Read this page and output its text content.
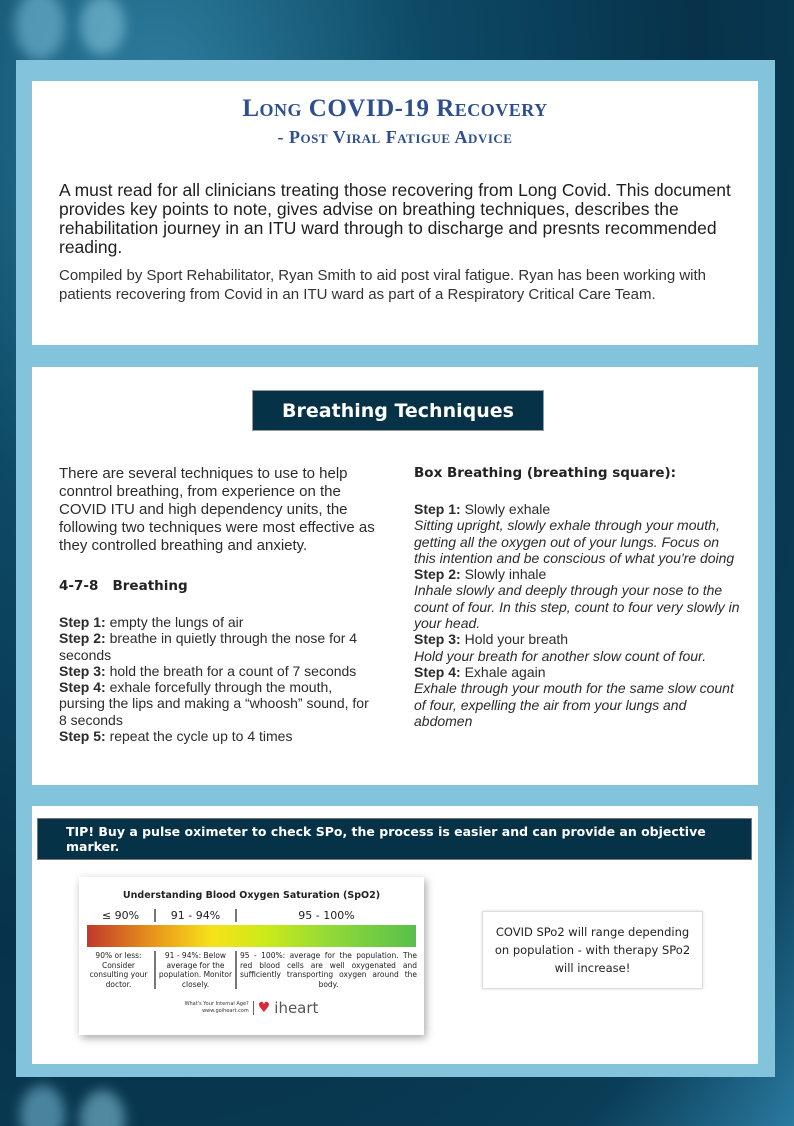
Long COVID-19 Recovery
- Post Viral Fatigue Advice

A must read for all clinicians treating those recovering from Long Covid. This document provides key points to note, gives advise on breathing techniques, describes the rehabilitation journey in an ITU ward through to discharge and presnts recommended reading.

Compiled by Sport Rehabilitator, Ryan Smith to aid post viral fatigue. Ryan has been working with patients recovering from Covid in an ITU ward as part of a Respiratory Critical Care Team.

Breathing Techniques

There are several techniques to use to help conntrol breathing, from experience on the COVID ITU and high dependency units, the following two techniques were most effective as they controlled breathing and anxiety.

4-7-8   Breathing

Step 1: empty the lungs of air
Step 2: breathe in quietly through the nose for 4 seconds
Step 3: hold the breath for a count of 7 seconds
Step 4: exhale forcefully through the mouth, pursing the lips and making a “whoosh” sound, for 8 seconds
Step 5: repeat the cycle up to 4 times

Box Breathing (breathing square):

Step 1: Slowly exhale
Sitting upright, slowly exhale through your mouth, getting all the oxygen out of your lungs. Focus on this intention and be conscious of what you're doing
Step 2: Slowly inhale
Inhale slowly and deeply through your nose to the count of four. In this step, count to four very slowly in your head.
Step 3: Hold your breath
Hold your breath for another slow count of four.
Step 4: Exhale again
Exhale through your mouth for the same slow count of four, expelling the air from your lungs and abdomen
TIP! Buy a pulse oximeter to check SPo, the process is easier and can provide an objective marker.
Understanding Blood Oxygen Saturation (SpO2)
≤ 90%	91 - 94%	95 - 100%
90% or less: Consider consulting your doctor.
91 - 94%: Below average for the population. Monitor closely.
95 - 100%: average for the population. The red blood cells are well oxygenated and sufficiently transporting oxygen around the body.
What's Your Internal Age?
www.goiheart.com ♥ iheart
COVID SPo2 will range depending on population - with therapy SPo2 will increase!
